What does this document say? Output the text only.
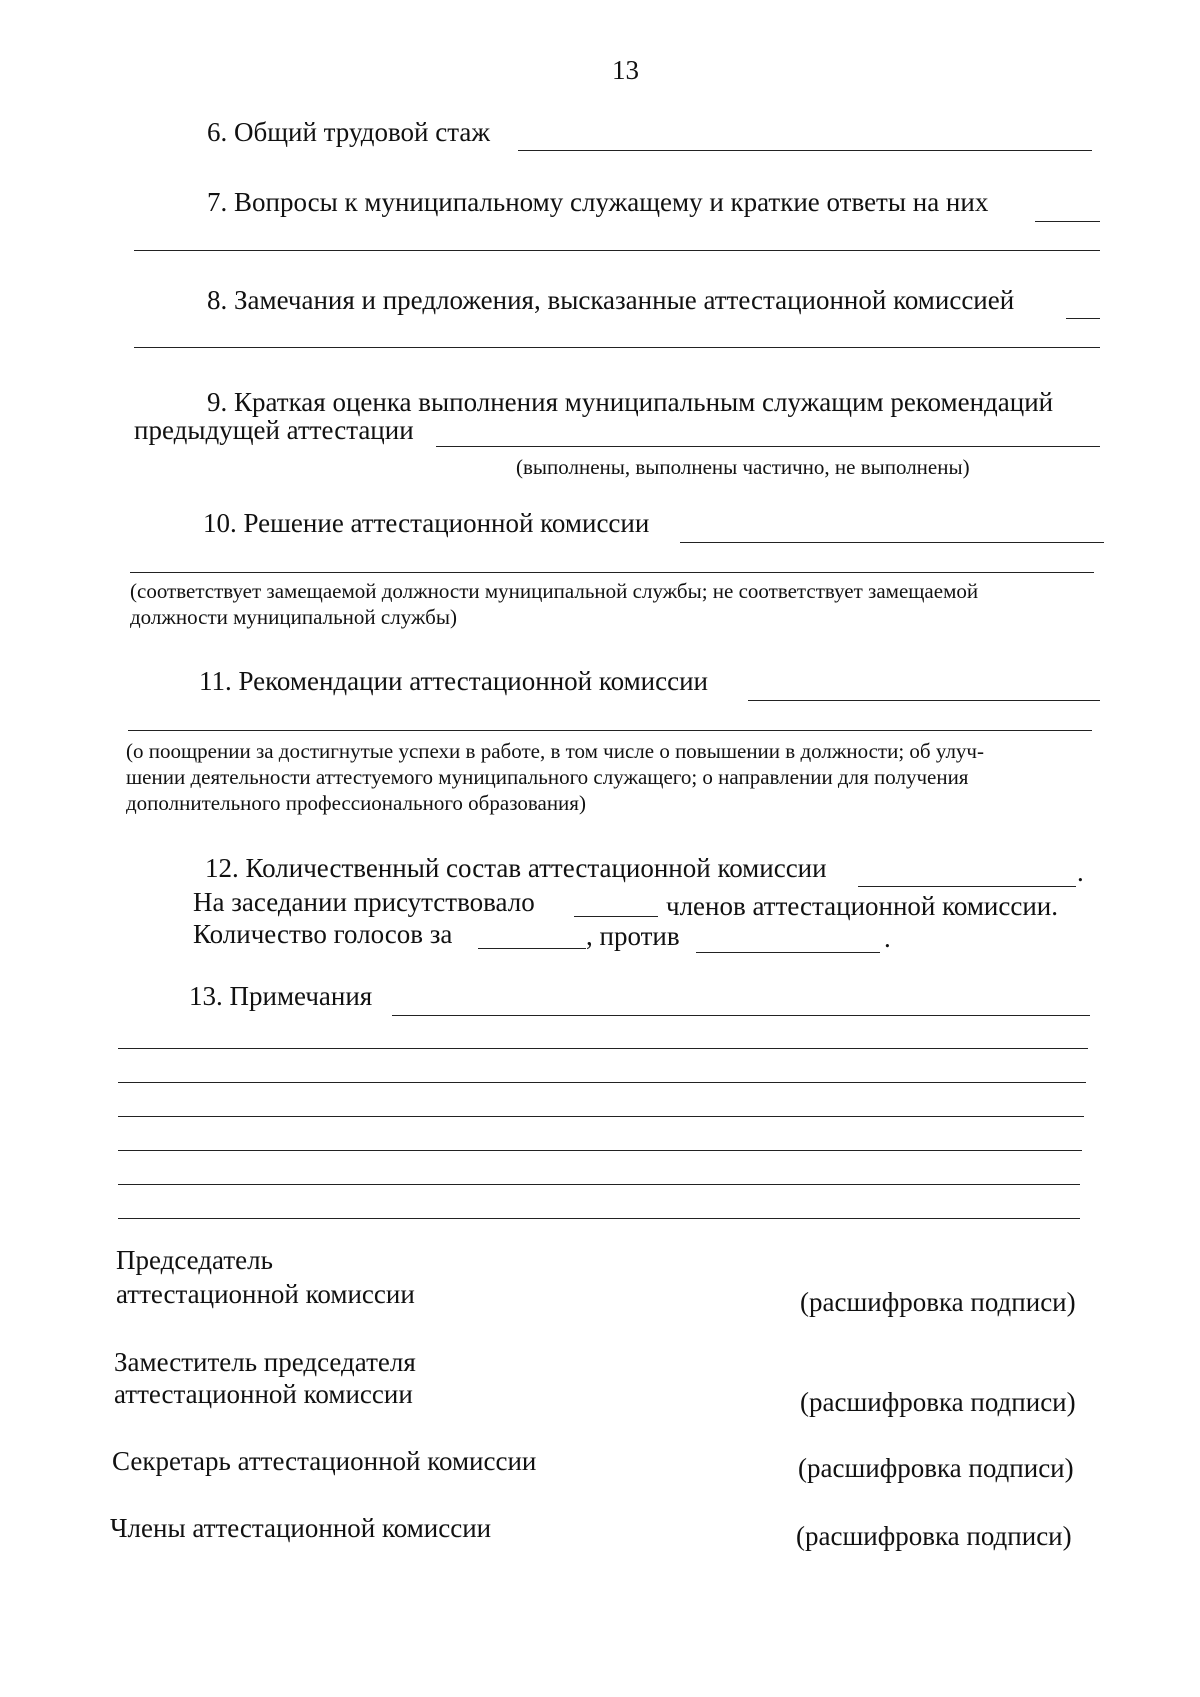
13
6. Общий трудовой стаж
7. Вопросы к муниципальному служащему и краткие ответы на них
8. Замечания и предложения, высказанные аттестационной комиссией
9. Краткая оценка выполнения муниципальным служащим рекомендаций
предыдущей аттестации
(выполнены, выполнены частично, не выполнены)
10. Решение аттестационной комиссии
(соответствует замещаемой должности муниципальной службы; не соответствует замещаемой
должности муниципальной службы)
11. Рекомендации аттестационной комиссии
(о поощрении за достигнутые успехи в работе, в том числе о повышении в должности; об улуч-
шении деятельности аттестуемого муниципального служащего; о направлении для получения
дополнительного профессионального образования)
12. Количественный состав аттестационной комиссии	.
На заседании присутствовало	членов аттестационной комиссии.
Количество голосов за	, против	.
13. Примечания
Председатель
аттестационной комиссии	(расшифровка подписи)
Заместитель председателя
аттестационной комиссии	(расшифровка подписи)
Секретарь аттестационной комиссии	(расшифровка подписи)
Члены аттестационной комиссии	(расшифровка подписи)
